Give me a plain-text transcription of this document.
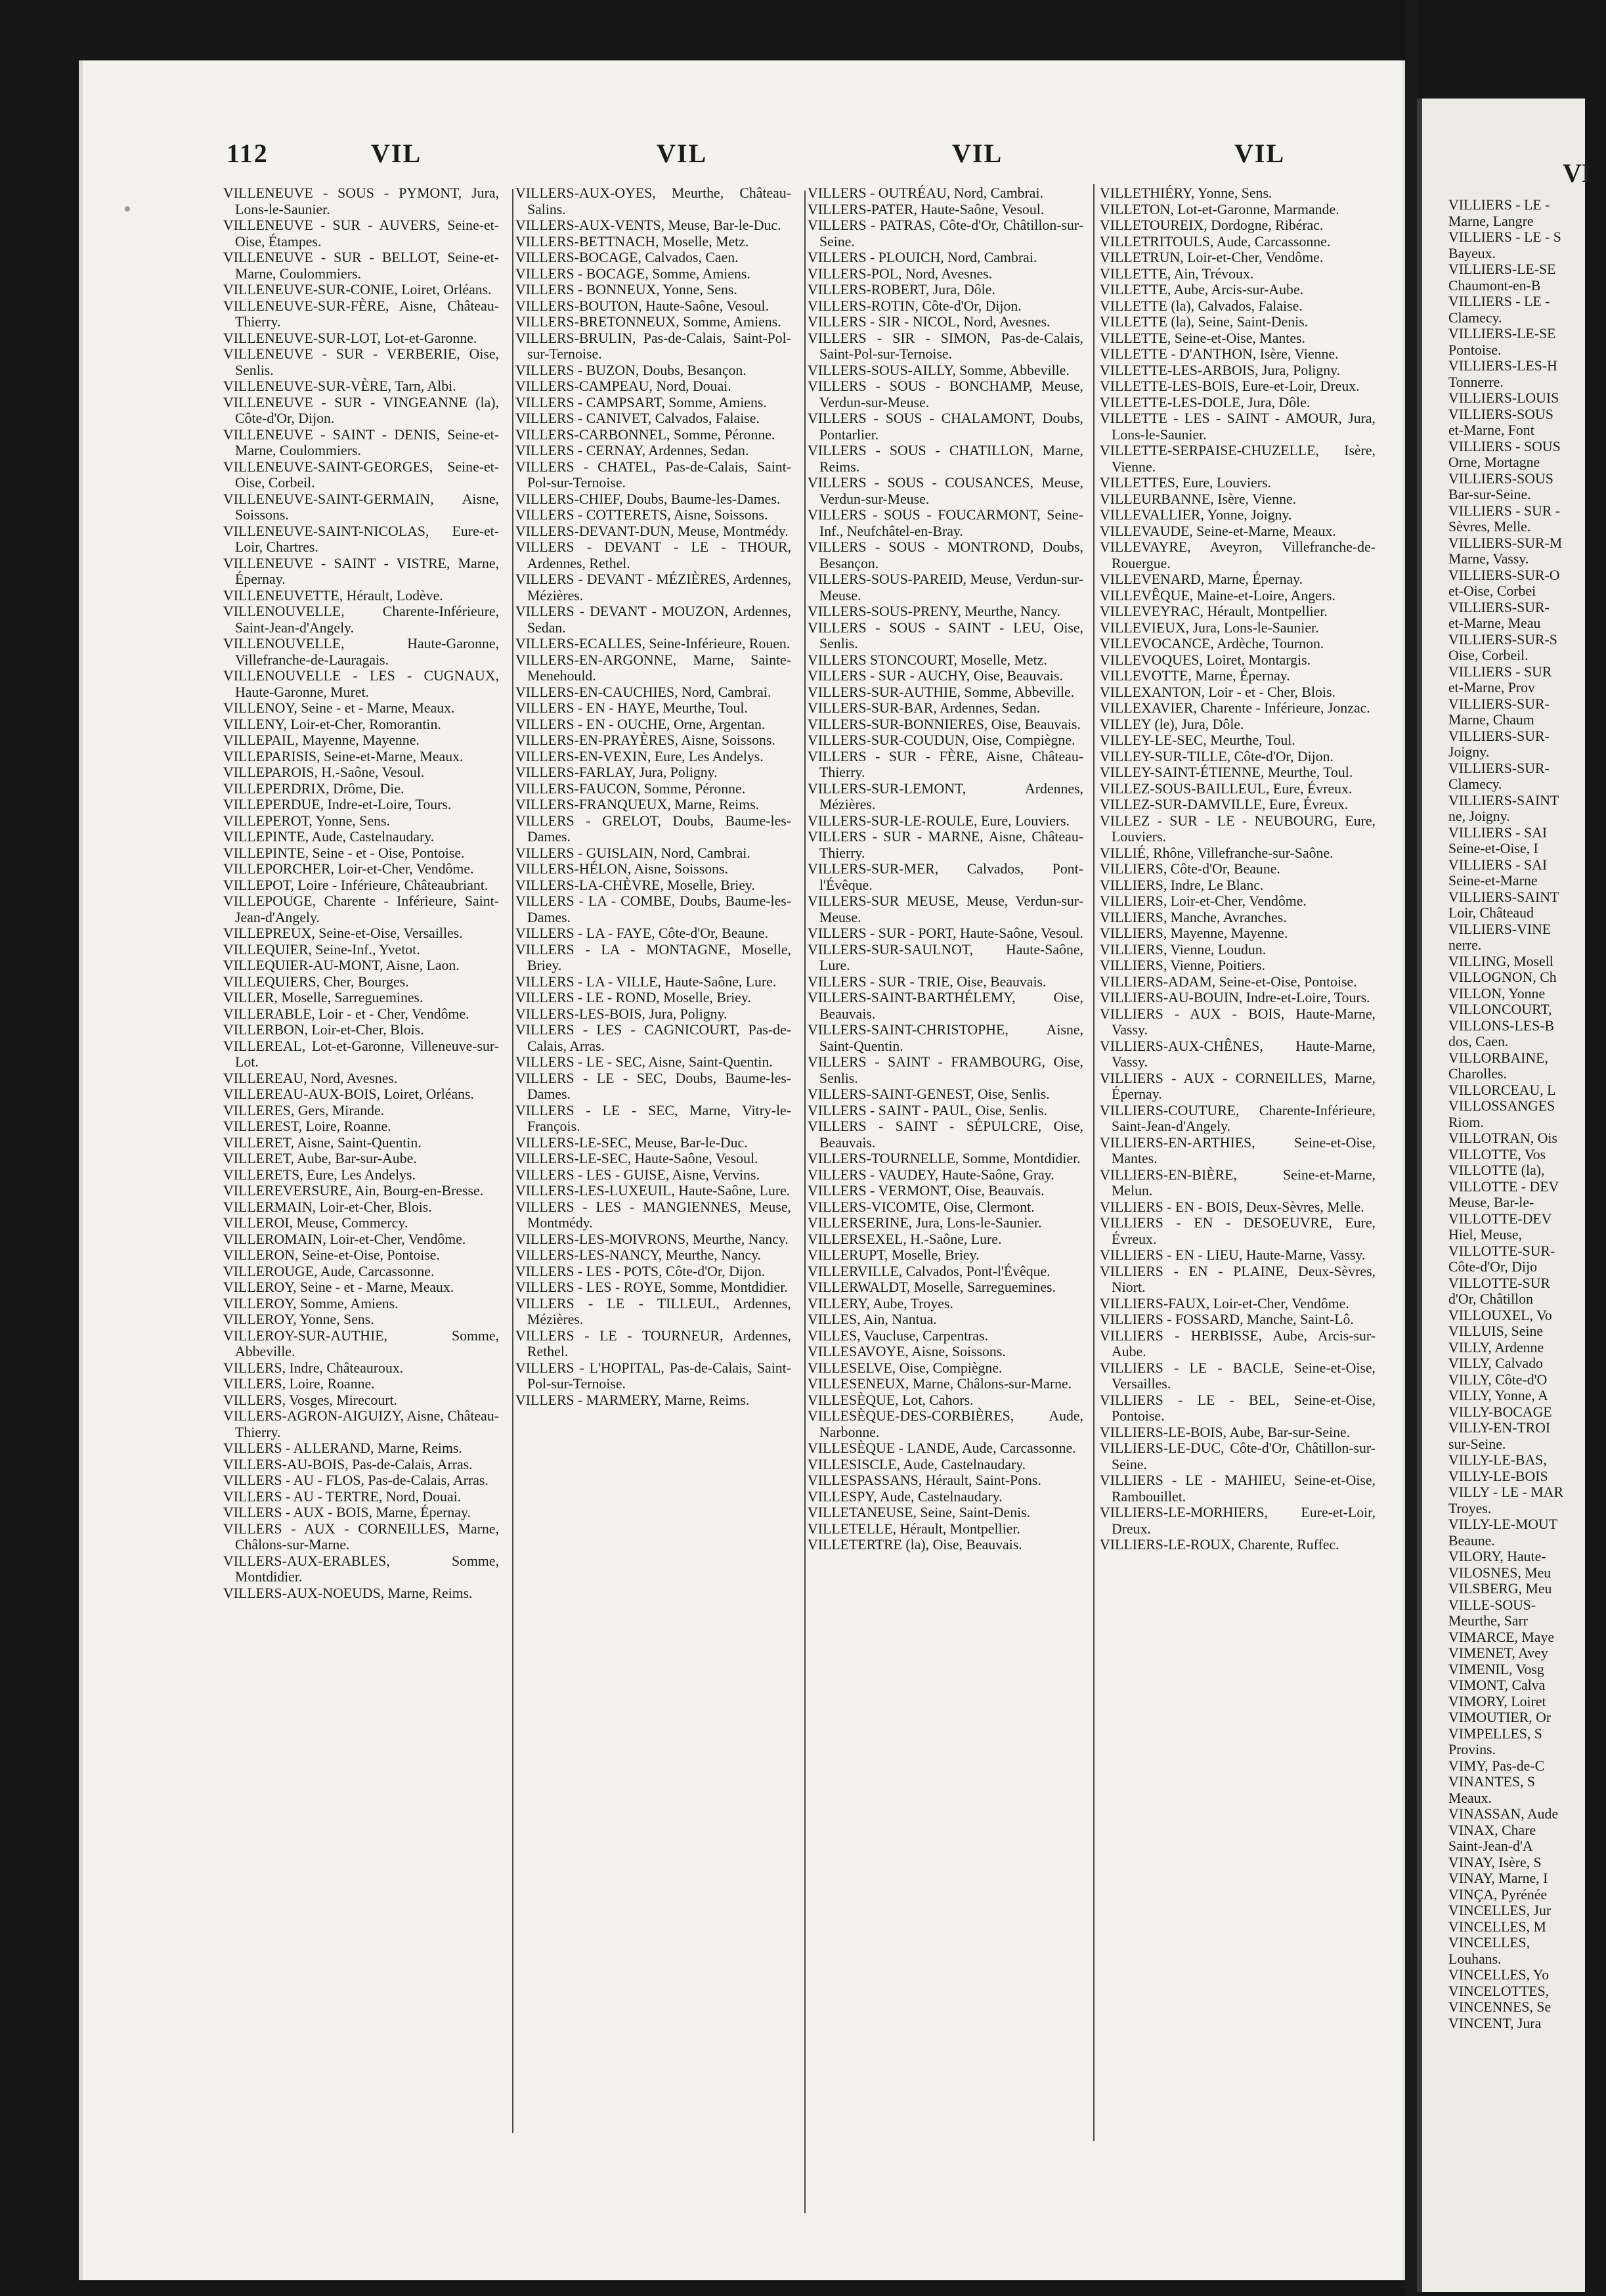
112	VIL	VIL	VIL	VIL

VILLENEUVE - SOUS - PYMONT, Jura, Lons-le-Saunier.

VILLENEUVE - SUR - AUVERS, Seine-et-Oise, Étampes.

VILLENEUVE - SUR - BELLOT, Seine-et-Marne, Coulommiers.

VILLENEUVE-SUR-CONIE, Loiret, Orléans.

VILLENEUVE-SUR-FÈRE, Aisne, Château-Thierry.

VILLENEUVE-SUR-LOT, Lot-et-Garonne.

VILLENEUVE - SUR - VERBERIE, Oise, Senlis.

VILLENEUVE-SUR-VÈRE, Tarn, Albi.

VILLENEUVE - SUR - VINGEANNE (la), Côte-d'Or, Dijon.

VILLENEUVE - SAINT - DENIS, Seine-et-Marne, Coulommiers.

VILLENEUVE-SAINT-GEORGES, Seine-et-Oise, Corbeil.

VILLENEUVE-SAINT-GERMAIN, Aisne, Soissons.

VILLENEUVE-SAINT-NICOLAS, Eure-et-Loir, Chartres.

VILLENEUVE - SAINT - VISTRE, Marne, Épernay.

VILLENEUVETTE, Hérault, Lodève.

VILLENOUVELLE, Charente-Inférieure, Saint-Jean-d'Angely.

VILLENOUVELLE, Haute-Garonne, Villefranche-de-Lauragais.

VILLENOUVELLE - LES - CUGNAUX, Haute-Garonne, Muret.

VILLENOY, Seine - et - Marne, Meaux.

VILLENY, Loir-et-Cher, Romorantin.

VILLEPAIL, Mayenne, Mayenne.

VILLEPARISIS, Seine-et-Marne, Meaux.

VILLEPAROIS, H.-Saône, Vesoul.

VILLEPERDRIX, Drôme, Die.

VILLEPERDUE, Indre-et-Loire, Tours.

VILLEPEROT, Yonne, Sens.

VILLEPINTE, Aude, Castelnaudary.

VILLEPINTE, Seine - et - Oise, Pontoise.

VILLEPORCHER, Loir-et-Cher, Vendôme.

VILLEPOT, Loire - Inférieure, Châteaubriant.

VILLEPOUGE, Charente - Inférieure, Saint-Jean-d'Angely.

VILLEPREUX, Seine-et-Oise, Versailles.

VILLEQUIER, Seine-Inf., Yvetot.

VILLEQUIER-AU-MONT, Aisne, Laon.

VILLEQUIERS, Cher, Bourges.

VILLER, Moselle, Sarreguemines.

VILLERABLE, Loir - et - Cher, Vendôme.

VILLERBON, Loir-et-Cher, Blois.

VILLEREAL, Lot-et-Garonne, Villeneuve-sur-Lot.

VILLEREAU, Nord, Avesnes.

VILLEREAU-AUX-BOIS, Loiret, Orléans.

VILLERES, Gers, Mirande.

VILLEREST, Loire, Roanne.

VILLERET, Aisne, Saint-Quentin.

VILLERET, Aube, Bar-sur-Aube.

VILLERETS, Eure, Les Andelys.

VILLEREVERSURE, Ain, Bourg-en-Bresse.

VILLERMAIN, Loir-et-Cher, Blois.

VILLEROI, Meuse, Commercy.

VILLEROMAIN, Loir-et-Cher, Vendôme.

VILLERON, Seine-et-Oise, Pontoise.

VILLEROUGE, Aude, Carcassonne.

VILLEROY, Seine - et - Marne, Meaux.

VILLEROY, Somme, Amiens.

VILLEROY, Yonne, Sens.

VILLEROY-SUR-AUTHIE, Somme, Abbeville.

VILLERS, Indre, Châteauroux.

VILLERS, Loire, Roanne.

VILLERS, Vosges, Mirecourt.

VILLERS-AGRON-AIGUIZY, Aisne, Château-Thierry.

VILLERS - ALLERAND, Marne, Reims.

VILLERS-AU-BOIS, Pas-de-Calais, Arras.

VILLERS - AU - FLOS, Pas-de-Calais, Arras.

VILLERS - AU - TERTRE, Nord, Douai.

VILLERS - AUX - BOIS, Marne, Épernay.

VILLERS - AUX - CORNEILLES, Marne, Châlons-sur-Marne.

VILLERS-AUX-ERABLES, Somme, Montdidier.

VILLERS-AUX-NOEUDS, Marne, Reims.

VILLERS-AUX-OYES, Meurthe, Château-Salins.

VILLERS-AUX-VENTS, Meuse, Bar-le-Duc.

VILLERS-BETTNACH, Moselle, Metz.

VILLERS-BOCAGE, Calvados, Caen.

VILLERS - BOCAGE, Somme, Amiens.

VILLERS - BONNEUX, Yonne, Sens.

VILLERS-BOUTON, Haute-Saône, Vesoul.

VILLERS-BRETONNEUX, Somme, Amiens.

VILLERS-BRULIN, Pas-de-Calais, Saint-Pol-sur-Ternoise.

VILLERS - BUZON, Doubs, Besançon.

VILLERS-CAMPEAU, Nord, Douai.

VILLERS - CAMPSART, Somme, Amiens.

VILLERS - CANIVET, Calvados, Falaise.

VILLERS-CARBONNEL, Somme, Péronne.

VILLERS - CERNAY, Ardennes, Sedan.

VILLERS - CHATEL, Pas-de-Calais, Saint-Pol-sur-Ternoise.

VILLERS-CHIEF, Doubs, Baume-les-Dames.

VILLERS - COTTERETS, Aisne, Soissons.

VILLERS-DEVANT-DUN, Meuse, Montmédy.

VILLERS - DEVANT - LE - THOUR, Ardennes, Rethel.

VILLERS - DEVANT - MÉZIÈRES, Ardennes, Mézières.

VILLERS - DEVANT - MOUZON, Ardennes, Sedan.

VILLERS-ECALLES, Seine-Inférieure, Rouen.

VILLERS-EN-ARGONNE, Marne, Sainte-Menehould.

VILLERS-EN-CAUCHIES, Nord, Cambrai.

VILLERS - EN - HAYE, Meurthe, Toul.

VILLERS - EN - OUCHE, Orne, Argentan.

VILLERS-EN-PRAYÈRES, Aisne, Soissons.

VILLERS-EN-VEXIN, Eure, Les Andelys.

VILLERS-FARLAY, Jura, Poligny.

VILLERS-FAUCON, Somme, Péronne.

VILLERS-FRANQUEUX, Marne, Reims.

VILLERS - GRELOT, Doubs, Baume-les-Dames.

VILLERS - GUISLAIN, Nord, Cambrai.

VILLERS-HÉLON, Aisne, Soissons.

VILLERS-LA-CHÈVRE, Moselle, Briey.

VILLERS - LA - COMBE, Doubs, Baume-les-Dames.

VILLERS - LA - FAYE, Côte-d'Or, Beaune.

VILLERS - LA - MONTAGNE, Moselle, Briey.

VILLERS - LA - VILLE, Haute-Saône, Lure.

VILLERS - LE - ROND, Moselle, Briey.

VILLERS-LES-BOIS, Jura, Poligny.

VILLERS - LES - CAGNICOURT, Pas-de-Calais, Arras.

VILLERS - LE - SEC, Aisne, Saint-Quentin.

VILLERS - LE - SEC, Doubs, Baume-les-Dames.

VILLERS - LE - SEC, Marne, Vitry-le-François.

VILLERS-LE-SEC, Meuse, Bar-le-Duc.

VILLERS-LE-SEC, Haute-Saône, Vesoul.

VILLERS - LES - GUISE, Aisne, Vervins.

VILLERS-LES-LUXEUIL, Haute-Saône, Lure.

VILLERS - LES - MANGIENNES, Meuse, Montmédy.

VILLERS-LES-MOIVRONS, Meurthe, Nancy.

VILLERS-LES-NANCY, Meurthe, Nancy.

VILLERS - LES - POTS, Côte-d'Or, Dijon.

VILLERS - LES - ROYE, Somme, Montdidier.

VILLERS - LE - TILLEUL, Ardennes, Mézières.

VILLERS - LE - TOURNEUR, Ardennes, Rethel.

VILLERS - L'HOPITAL, Pas-de-Calais, Saint-Pol-sur-Ternoise.

VILLERS - MARMERY, Marne, Reims.

VILLERS - OUTRÉAU, Nord, Cambrai.

VILLERS-PATER, Haute-Saône, Vesoul.

VILLERS - PATRAS, Côte-d'Or, Châtillon-sur-Seine.

VILLERS - PLOUICH, Nord, Cambrai.

VILLERS-POL, Nord, Avesnes.

VILLERS-ROBERT, Jura, Dôle.

VILLERS-ROTIN, Côte-d'Or, Dijon.

VILLERS - SIR - NICOL, Nord, Avesnes.

VILLERS - SIR - SIMON, Pas-de-Calais, Saint-Pol-sur-Ternoise.

VILLERS-SOUS-AILLY, Somme, Abbeville.

VILLERS - SOUS - BONCHAMP, Meuse, Verdun-sur-Meuse.

VILLERS - SOUS - CHALAMONT, Doubs, Pontarlier.

VILLERS - SOUS - CHATILLON, Marne, Reims.

VILLERS - SOUS - COUSANCES, Meuse, Verdun-sur-Meuse.

VILLERS - SOUS - FOUCARMONT, Seine-Inf., Neufchâtel-en-Bray.

VILLERS - SOUS - MONTROND, Doubs, Besançon.

VILLERS-SOUS-PAREID, Meuse, Verdun-sur-Meuse.

VILLERS-SOUS-PRENY, Meurthe, Nancy.

VILLERS - SOUS - SAINT - LEU, Oise, Senlis.

VILLERS STONCOURT, Moselle, Metz.

VILLERS - SUR - AUCHY, Oise, Beauvais.

VILLERS-SUR-AUTHIE, Somme, Abbeville.

VILLERS-SUR-BAR, Ardennes, Sedan.

VILLERS-SUR-BONNIERES, Oise, Beauvais.

VILLERS-SUR-COUDUN, Oise, Compiègne.

VILLERS - SUR - FÈRE, Aisne, Château-Thierry.

VILLERS-SUR-LEMONT, Ardennes, Mézières.

VILLERS-SUR-LE-ROULE, Eure, Louviers.

VILLERS - SUR - MARNE, Aisne, Château-Thierry.

VILLERS-SUR-MER, Calvados, Pont-l'Évêque.

VILLERS-SUR MEUSE, Meuse, Verdun-sur-Meuse.

VILLERS - SUR - PORT, Haute-Saône, Vesoul.

VILLERS-SUR-SAULNOT, Haute-Saône, Lure.

VILLERS - SUR - TRIE, Oise, Beauvais.

VILLERS-SAINT-BARTHÉLEMY, Oise, Beauvais.

VILLERS-SAINT-CHRISTOPHE, Aisne, Saint-Quentin.

VILLERS - SAINT - FRAMBOURG, Oise, Senlis.

VILLERS-SAINT-GENEST, Oise, Senlis.

VILLERS - SAINT - PAUL, Oise, Senlis.

VILLERS - SAINT - SÉPULCRE, Oise, Beauvais.

VILLERS-TOURNELLE, Somme, Montdidier.

VILLERS - VAUDEY, Haute-Saône, Gray.

VILLERS - VERMONT, Oise, Beauvais.

VILLERS-VICOMTE, Oise, Clermont.

VILLERSERINE, Jura, Lons-le-Saunier.

VILLERSEXEL, H.-Saône, Lure.

VILLERUPT, Moselle, Briey.

VILLERVILLE, Calvados, Pont-l'Évêque.

VILLERWALDT, Moselle, Sarreguemines.

VILLERY, Aube, Troyes.

VILLES, Ain, Nantua.

VILLES, Vaucluse, Carpentras.

VILLESAVOYE, Aisne, Soissons.

VILLESELVE, Oise, Compiègne.

VILLESENEUX, Marne, Châlons-sur-Marne.

VILLESÈQUE, Lot, Cahors.

VILLESÈQUE-DES-CORBIÈRES, Aude, Narbonne.

VILLESÈQUE - LANDE, Aude, Carcassonne.

VILLESISCLE, Aude, Castelnaudary.

VILLESPASSANS, Hérault, Saint-Pons.

VILLESPY, Aude, Castelnaudary.

VILLETANEUSE, Seine, Saint-Denis.

VILLETELLE, Hérault, Montpellier.

VILLETERTRE (la), Oise, Beauvais.

VILLETHIÉRY, Yonne, Sens.

VILLETON, Lot-et-Garonne, Marmande.

VILLETOUREIX, Dordogne, Ribérac.

VILLETRITOULS, Aude, Carcassonne.

VILLETRUN, Loir-et-Cher, Vendôme.

VILLETTE, Ain, Trévoux.

VILLETTE, Aube, Arcis-sur-Aube.

VILLETTE (la), Calvados, Falaise.

VILLETTE (la), Seine, Saint-Denis.

VILLETTE, Seine-et-Oise, Mantes.

VILLETTE - D'ANTHON, Isère, Vienne.

VILLETTE-LES-ARBOIS, Jura, Poligny.

VILLETTE-LES-BOIS, Eure-et-Loir, Dreux.

VILLETTE-LES-DOLE, Jura, Dôle.

VILLETTE - LES - SAINT - AMOUR, Jura, Lons-le-Saunier.

VILLETTE-SERPAISE-CHUZELLE, Isère, Vienne.

VILLETTES, Eure, Louviers.

VILLEURBANNE, Isère, Vienne.

VILLEVALLIER, Yonne, Joigny.

VILLEVAUDE, Seine-et-Marne, Meaux.

VILLEVAYRE, Aveyron, Villefranche-de-Rouergue.

VILLEVENARD, Marne, Épernay.

VILLEVÊQUE, Maine-et-Loire, Angers.

VILLEVEYRAC, Hérault, Montpellier.

VILLEVIEUX, Jura, Lons-le-Saunier.

VILLEVOCANCE, Ardèche, Tournon.

VILLEVOQUES, Loiret, Montargis.

VILLEVOTTE, Marne, Épernay.

VILLEXANTON, Loir - et - Cher, Blois.

VILLEXAVIER, Charente - Inférieure, Jonzac.

VILLEY (le), Jura, Dôle.

VILLEY-LE-SEC, Meurthe, Toul.

VILLEY-SUR-TILLE, Côte-d'Or, Dijon.

VILLEY-SAINT-ÉTIENNE, Meurthe, Toul.

VILLEZ-SOUS-BAILLEUL, Eure, Évreux.

VILLEZ-SUR-DAMVILLE, Eure, Évreux.

VILLEZ - SUR - LE - NEUBOURG, Eure, Louviers.

VILLIÉ, Rhône, Villefranche-sur-Saône.

VILLIERS, Côte-d'Or, Beaune.

VILLIERS, Indre, Le Blanc.

VILLIERS, Loir-et-Cher, Vendôme.

VILLIERS, Manche, Avranches.

VILLIERS, Mayenne, Mayenne.

VILLIERS, Vienne, Loudun.

VILLIERS, Vienne, Poitiers.

VILLIERS-ADAM, Seine-et-Oise, Pontoise.

VILLIERS-AU-BOUIN, Indre-et-Loire, Tours.

VILLIERS - AUX - BOIS, Haute-Marne, Vassy.

VILLIERS-AUX-CHÊNES, Haute-Marne, Vassy.

VILLIERS - AUX - CORNEILLES, Marne, Épernay.

VILLIERS-COUTURE, Charente-Inférieure, Saint-Jean-d'Angely.

VILLIERS-EN-ARTHIES, Seine-et-Oise, Mantes.

VILLIERS-EN-BIÈRE, Seine-et-Marne, Melun.

VILLIERS - EN - BOIS, Deux-Sèvres, Melle.

VILLIERS - EN - DESOEUVRE, Eure, Évreux.

VILLIERS - EN - LIEU, Haute-Marne, Vassy.

VILLIERS - EN - PLAINE, Deux-Sèvres, Niort.

VILLIERS-FAUX, Loir-et-Cher, Vendôme.

VILLIERS - FOSSARD, Manche, Saint-Lô.

VILLIERS - HERBISSE, Aube, Arcis-sur-Aube.

VILLIERS - LE - BACLE, Seine-et-Oise, Versailles.

VILLIERS - LE - BEL, Seine-et-Oise, Pontoise.

VILLIERS-LE-BOIS, Aube, Bar-sur-Seine.

VILLIERS-LE-DUC, Côte-d'Or, Châtillon-sur-Seine.

VILLIERS - LE - MAHIEU, Seine-et-Oise, Rambouillet.

VILLIERS-LE-MORHIERS, Eure-et-Loir, Dreux.

VILLIERS-LE-ROUX, Charente, Ruffec.

VI

VILLIERS - LE -

Marne, Langre

VILLIERS - LE - S

Bayeux.

VILLIERS-LE-SE

Chaumont-en-B

VILLIERS - LE -

Clamecy.

VILLIERS-LE-SE

Pontoise.

VILLIERS-LES-H

Tonnerre.

VILLIERS-LOUIS

VILLIERS-SOUS

et-Marne, Font

VILLIERS - SOUS

Orne, Mortagne

VILLIERS-SOUS

Bar-sur-Seine.

VILLIERS - SUR -

Sèvres, Melle.

VILLIERS-SUR-M

Marne, Vassy.

VILLIERS-SUR-O

et-Oise, Corbei

VILLIERS-SUR-

et-Marne, Meau

VILLIERS-SUR-S

Oise, Corbeil.

VILLIERS - SUR

et-Marne, Prov

VILLIERS-SUR-

Marne, Chaum

VILLIERS-SUR-

Joigny.

VILLIERS-SUR-

Clamecy.

VILLIERS-SAINT

ne, Joigny.

VILLIERS - SAI

Seine-et-Oise, I

VILLIERS - SAI

Seine-et-Marne

VILLIERS-SAINT

Loir, Châteaud

VILLIERS-VINE

nerre.

VILLING, Mosell

VILLOGNON, Ch

VILLON, Yonne

VILLONCOURT,

VILLONS-LES-B

dos, Caen.

VILLORBAINE,

Charolles.

VILLORCEAU, L

VILLOSSANGES

Riom.

VILLOTRAN, Ois

VILLOTTE, Vos

VILLOTTE (la),

VILLOTTE - DEV

Meuse, Bar-le-

VILLOTTE-DEV

Hiel, Meuse,

VILLOTTE-SUR-

Côte-d'Or, Dijo

VILLOTTE-SUR

d'Or, Châtillon

VILLOUXEL, Vo

VILLUIS, Seine

VILLY, Ardenne

VILLY, Calvado

VILLY, Côte-d'O

VILLY, Yonne, A

VILLY-BOCAGE

VILLY-EN-TROI

sur-Seine.

VILLY-LE-BAS,

VILLY-LE-BOIS

VILLY - LE - MAR

Troyes.

VILLY-LE-MOUT

Beaune.

VILORY, Haute-

VILOSNES, Meu

VILSBERG, Meu

VILLE-SOUS-

Meurthe, Sarr

VIMARCE, Maye

VIMENET, Avey

VIMENIL, Vosg

VIMONT, Calva

VIMORY, Loiret

VIMOUTIER, Or

VIMPELLES, S

Provins.

VIMY, Pas-de-C

VINANTES, S

Meaux.

VINASSAN, Aude

VINAX, Chare

Saint-Jean-d'A

VINAY, Isère, S

VINAY, Marne, I

VINÇA, Pyrénée

VINCELLES, Jur

VINCELLES, M

VINCELLES,

Louhans.

VINCELLES, Yo

VINCELOTTES,

VINCENNES, Se

VINCENT, Jura
